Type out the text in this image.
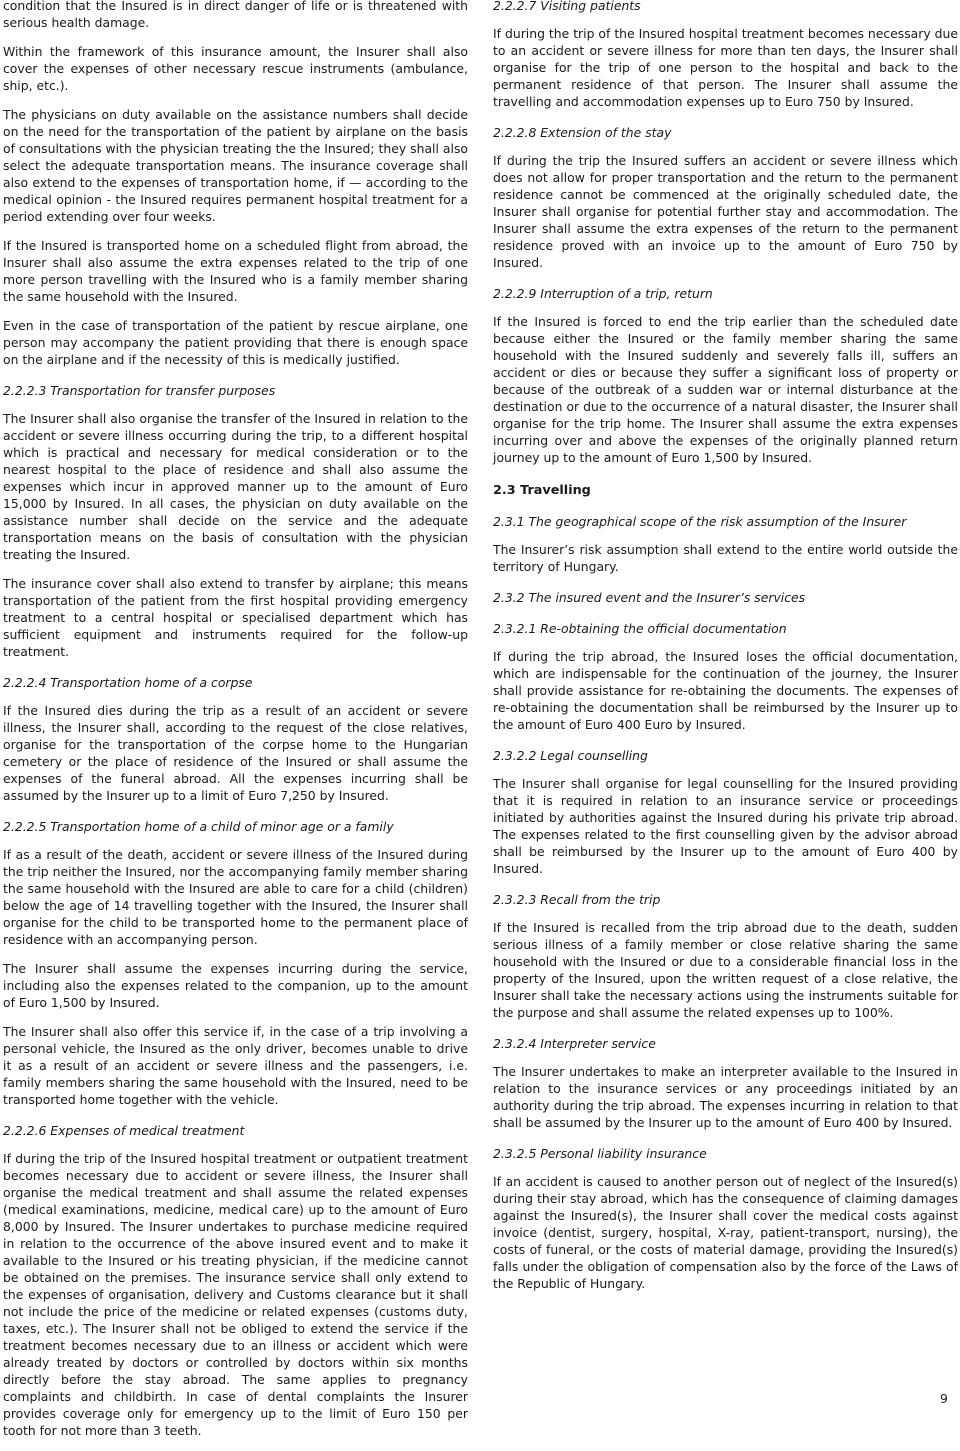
condition that the Insured is in direct danger of life or is threatened with serious health damage.

Within the framework of this insurance amount, the Insurer shall also cover the expenses of other necessary rescue instruments (ambulance, ship, etc.).

The physicians on duty available on the assistance numbers shall decide on the need for the transportation of the patient by airplane on the basis of consultations with the physician treating the the Insured; they shall also select the adequate transportation means. The insurance coverage shall also extend to the expenses of transportation home, if — according to the medical opinion - the Insured requires permanent hospital treatment for a period extending over four weeks.

If the Insured is transported home on a scheduled flight from abroad, the Insurer shall also assume the extra expenses related to the trip of one more person travelling with the Insured who is a family member sharing the same household with the Insured.

Even in the case of transportation of the patient by rescue airplane, one person may accompany the patient providing that there is enough space on the airplane and if the necessity of this is medically justified.

2.2.2.3 Transportation for transfer purposes

The Insurer shall also organise the transfer of the Insured in relation to the accident or severe illness occurring during the trip, to a different hospital which is practical and necessary for medical consideration or to the nearest hospital to the place of residence and shall also assume the expenses which incur in approved manner up to the amount of Euro 15,000 by Insured. In all cases, the physician on duty available on the assistance number shall decide on the service and the adequate transportation means on the basis of consultation with the physician treating the Insured.

The insurance cover shall also extend to transfer by airplane; this means transportation of the patient from the first hospital providing emergency treatment to a central hospital or specialised department which has sufficient equipment and instruments required for the follow-up treatment.

2.2.2.4 Transportation home of a corpse

If the Insured dies during the trip as a result of an accident or severe illness, the Insurer shall, according to the request of the close relatives, organise for the transportation of the corpse home to the Hungarian cemetery or the place of residence of the Insured or shall assume the expenses of the funeral abroad. All the expenses incurring shall be assumed by the Insurer up to a limit of Euro 7,250 by Insured.

2.2.2.5 Transportation home of a child of minor age or a family

If as a result of the death, accident or severe illness of the Insured during the trip neither the Insured, nor the accompanying family member sharing the same household with the Insured are able to care for a child (children) below the age of 14 travelling together with the Insured, the Insurer shall organise for the child to be transported home to the permanent place of residence with an accompanying person.

The Insurer shall assume the expenses incurring during the service, including also the expenses related to the companion, up to the amount of Euro 1,500 by Insured.

The Insurer shall also offer this service if, in the case of a trip involving a personal vehicle, the Insured as the only driver, becomes unable to drive it as a result of an accident or severe illness and the passengers, i.e. family members sharing the same household with the Insured, need to be transported home together with the vehicle.

2.2.2.6 Expenses of medical treatment

If during the trip of the Insured hospital treatment or outpatient treatment becomes necessary due to accident or severe illness, the Insurer shall organise the medical treatment and shall assume the related expenses (medical examinations, medicine, medical care) up to the amount of Euro 8,000 by Insured. The Insurer undertakes to purchase medicine required in relation to the occurrence of the above insured event and to make it available to the Insured or his treating physician, if the medicine cannot be obtained on the premises. The insurance service shall only extend to the expenses of organisation, delivery and Customs clearance but it shall not include the price of the medicine or related expenses (customs duty, taxes, etc.). The Insurer shall not be obliged to extend the service if the treatment becomes necessary due to an illness or accident which were already treated by doctors or controlled by doctors within six months directly before the stay abroad. The same applies to pregnancy complaints and childbirth. In case of dental complaints the Insurer provides coverage only for emergency up to the limit of Euro 150 per tooth for not more than 3 teeth.

2.2.2.7 Visiting patients

If during the trip of the Insured hospital treatment becomes necessary due to an accident or severe illness for more than ten days, the Insurer shall organise for the trip of one person to the hospital and back to the permanent residence of that person. The Insurer shall assume the travelling and accommodation expenses up to Euro 750 by Insured.

2.2.2.8 Extension of the stay

If during the trip the Insured suffers an accident or severe illness which does not allow for proper transportation and the return to the permanent residence cannot be commenced at the originally scheduled date, the Insurer shall organise for potential further stay and accommodation. The Insurer shall assume the extra expenses of the return to the permanent residence proved with an invoice up to the amount of Euro 750 by Insured.

2.2.2.9 Interruption of a trip, return

If the Insured is forced to end the trip earlier than the scheduled date because either the Insured or the family member sharing the same household with the Insured suddenly and severely falls ill, suffers an accident or dies or because they suffer a significant loss of property or because of the outbreak of a sudden war or internal disturbance at the destination or due to the occurrence of a natural disaster, the Insurer shall organise for the trip home. The Insurer shall assume the extra expenses incurring over and above the expenses of the originally planned return journey up to the amount of Euro 1,500 by Insured.

2.3 Travelling
2.3.1 The geographical scope of the risk assumption of the Insurer

The Insurer’s risk assumption shall extend to the entire world outside the territory of Hungary.

2.3.2 The insured event and the Insurer’s services
2.3.2.1 Re-obtaining the official documentation

If during the trip abroad, the Insured loses the official documentation, which are indispensable for the continuation of the journey, the Insurer shall provide assistance for re-obtaining the documents. The expenses of re-obtaining the documentation shall be reimbursed by the Insurer up to the amount of Euro 400 Euro by Insured.

2.3.2.2 Legal counselling

The Insurer shall organise for legal counselling for the Insured providing that it is required in relation to an insurance service or proceedings initiated by authorities against the Insured during his private trip abroad. The expenses related to the first counselling given by the advisor abroad shall be reimbursed by the Insurer up to the amount of Euro 400 by Insured.

2.3.2.3 Recall from the trip

If the Insured is recalled from the trip abroad due to the death, sudden serious illness of a family member or close relative sharing the same household with the Insured or due to a considerable financial loss in the property of the Insured, upon the written request of a close relative, the Insurer shall take the necessary actions using the instruments suitable for the purpose and shall assume the related expenses up to 100%.

2.3.2.4 Interpreter service

The Insurer undertakes to make an interpreter available to the Insured in relation to the insurance services or any proceedings initiated by an authority during the trip abroad. The expenses incurring in relation to that shall be assumed by the Insurer up to the amount of Euro 400 by Insured.

2.3.2.5 Personal liability insurance

If an accident is caused to another person out of neglect of the Insured(s) during their stay abroad, which has the consequence of claiming damages against the Insured(s), the Insurer shall cover the medical costs against invoice (dentist, surgery, hospital, X-ray, patient-transport, nursing), the costs of funeral, or the costs of material damage, providing the Insured(s) falls under the obligation of compensation also by the force of the Laws of the Republic of Hungary.

9
